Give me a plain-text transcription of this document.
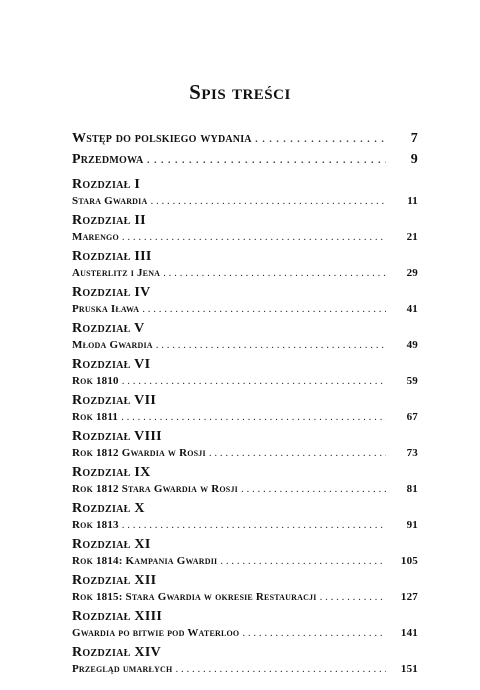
Spis treści
Wstęp do polskiego wydania . . .	7
Przedmowa . . .	9
Rozdział I
Stara Gwardia . . .	11
Rozdział II
Marengo . . .	21
Rozdział III
Austerlitz i Jena . . .	29
Rozdział IV
Pruska Iława . . .	41
Rozdział V
Młoda Gwardia . . .	49
Rozdział VI
Rok 1810 . . .	59
Rozdział VII
Rok 1811 . . .	67
Rozdział VIII
Rok 1812 Gwardia w Rosji . . .	73
Rozdział IX
Rok 1812 Stara Gwardia w Rosji . . .	81
Rozdział X
Rok 1813 . . .	91
Rozdział XI
Rok 1814: Kampania Gwardii . . .	105
Rozdział XII
Rok 1815: Stara Gwardia w okresie Restauracji . . .	127
Rozdział XIII
Gwardia po bitwie pod Waterloo . . .	141
Rozdział XIV
Przegląd umarłych . . .	151
